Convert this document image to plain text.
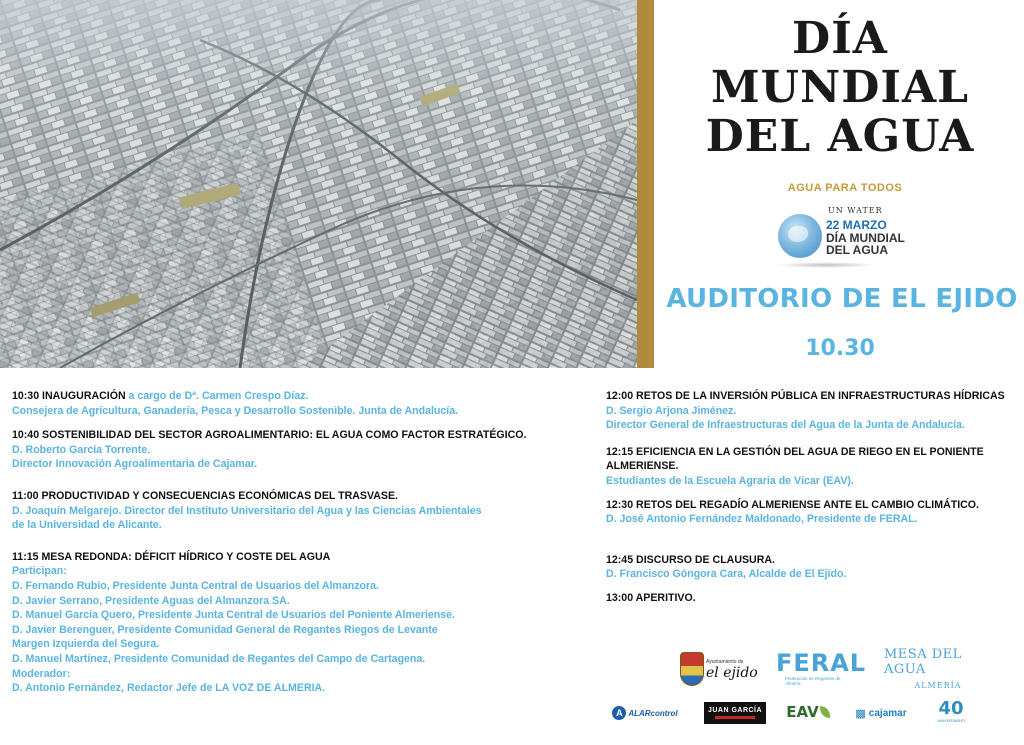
DÍA
MUNDIAL
DEL AGUA
AGUA PARA TODOS
UN WATER
22 MARZO
DÍA MUNDIAL
DEL AGUA
AUDITORIO DE EL EJIDO
10.30
10:30 INAUGURACIÓN a cargo de Dª. Carmen Crespo Díaz.
Consejera de Agricultura, Ganadería, Pesca y Desarrollo Sostenible. Junta de Andalucía.
10:40 SOSTENIBILIDAD DEL SECTOR AGROALIMENTARIO: EL AGUA COMO FACTOR ESTRATÉGICO.
D. Roberto García Torrente.
Director Innovación Agroalimentaria de Cajamar.
11:00 PRODUCTIVIDAD Y CONSECUENCIAS ECONÓMICAS DEL TRASVASE.
D. Joaquín Melgarejo. Director del Instituto Universitario del Agua y las Ciencias Ambientales
de la Universidad de Alicante.
11:15 MESA REDONDA: DÉFICIT HÍDRICO Y COSTE DEL AGUA
Participan:
D. Fernando Rubio, Presidente Junta Central de Usuarios del Almanzora.
D. Javier Serrano, Presidente Aguas del Almanzora SA.
D. Manuel García Quero, Presidente Junta Central de Usuarios del Poniente Almeriense.
D. Javier Berenguer, Presidente Comunidad General de Regantes Riegos de Levante
Margen Izquierda del Segura.
D. Manuel Martínez, Presidente Comunidad de Regantes del Campo de Cartagena.
Moderador:
D. Antonio Fernández, Redactor Jefe de LA VOZ DE ALMERIA.
12:00 RETOS DE LA INVERSIÓN PÚBLICA EN INFRAESTRUCTURAS HÍDRICAS
D. Sergio Arjona Jiménez.
Director General de Infraestructuras del Agua de la Junta de Andalucía.
12:15 EFICIENCIA EN LA GESTIÓN DEL AGUA DE RIEGO EN EL PONIENTE ALMERIENSE.
Estudiantes de la Escuela Agraria de Vícar (EAV).
12:30 RETOS DEL REGADÍO ALMERIENSE ANTE EL CAMBIO CLIMÁTICO.
D. José Antonio Fernández Maldonado, Presidente de FERAL.
12:45 DISCURSO DE CLAUSURA.
D. Francisco Góngora Cara, Alcalde de El Ejido.
13:00 APERITIVO.
Ayuntamiento de
el ejido FERAL
Federación de Regantes de Almería
MESA DEL AGUA
ALMERÍA
A ALARcontrol	JUAN GARCÍA EAV	▩ cajamar 40
ANIVERSARIO
